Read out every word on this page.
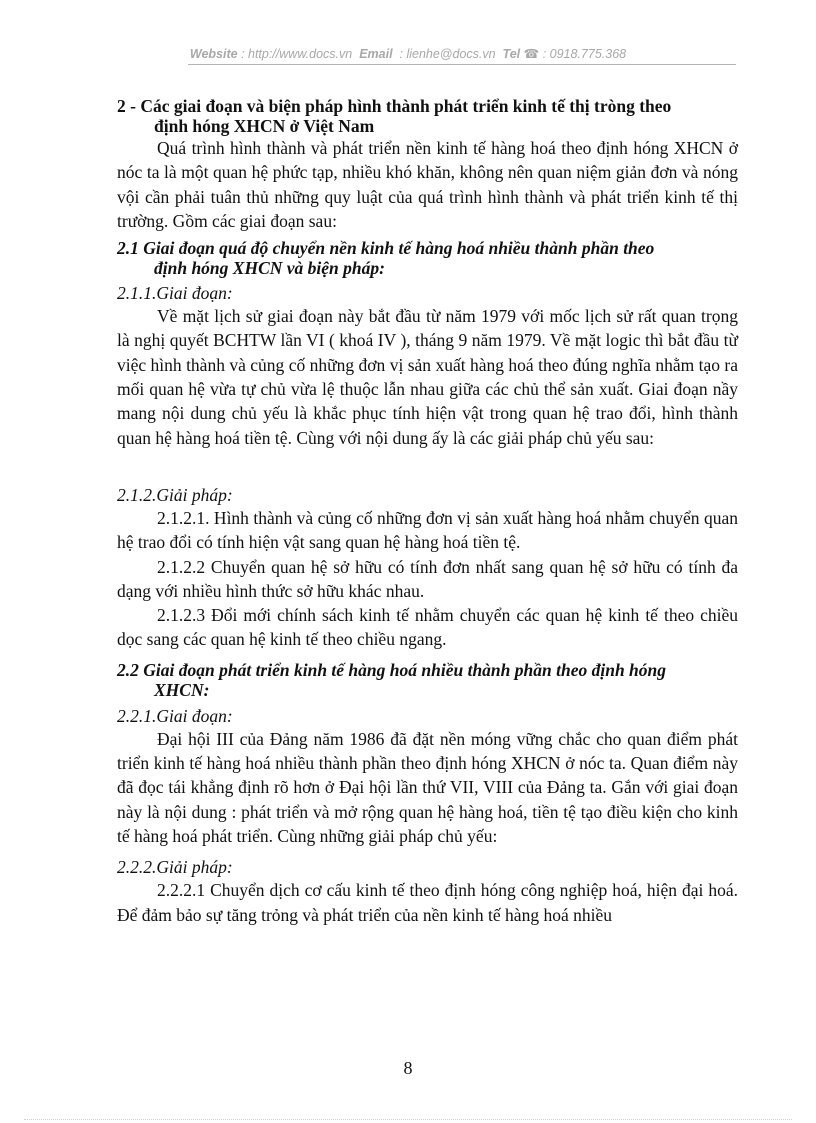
Website : http://www.docs.vn Email : lienhe@docs.vn Tel ☎ : 0918.775.368

2 - Các giai đoạn và biện pháp hình thành phát triển kinh tế thị tròng theo
định hóng XHCN ở Việt Nam

Quá trình hình thành và phát triển nền kinh tế hàng hoá theo định hóng XHCN ở nóc ta là một quan hệ phức tạp, nhiều khó khăn, không nên quan niệm giản đơn và nóng vội cần phải tuân thủ những quy luật của quá trình hình thành và phát triển kinh tế thị trường. Gồm các giai đoạn sau:

2.1 Giai đoạn quá độ chuyển nền kinh tế hàng hoá nhiều thành phần theo
định hóng XHCN và biện pháp:

2.1.1.Giai đoạn:

Về mặt lịch sử giai đoạn này bắt đầu từ năm 1979 với mốc lịch sử rất quan trọng là nghị quyết BCHTW lần VI ( khoá IV ), tháng 9 năm 1979. Về mặt logic thì bắt đầu từ việc hình thành và củng cố những đơn vị sản xuất hàng hoá theo đúng nghĩa nhằm tạo ra mối quan hệ vừa tự chủ vừa lệ thuộc lẫn nhau giữa các chủ thể sản xuất. Giai đoạn nầy mang nội dung chủ yếu là khắc phục tính hiện vật trong quan hệ trao đổi, hình thành quan hệ hàng hoá tiền tệ. Cùng với nội dung ấy là các giải pháp chủ yếu sau:

2.1.2.Giải pháp:

2.1.2.1. Hình thành và củng cố những đơn vị sản xuất hàng hoá nhằm chuyển quan hệ trao đổi có tính hiện vật sang quan hệ hàng hoá tiền tệ.

2.1.2.2 Chuyển quan hệ sở hữu có tính đơn nhất sang quan hệ sở hữu có tính đa dạng với nhiều hình thức sở hữu khác nhau.

2.1.2.3 Đổi mới chính sách kinh tế nhằm chuyển các quan hệ kinh tế theo chiều dọc sang các quan hệ kinh tế theo chiều ngang.

2.2 Giai đoạn phát triển kinh tế hàng hoá nhiều thành phần theo định hóng
XHCN:

2.2.1.Giai đoạn:

Đại hội III của Đảng năm 1986 đã đặt nền móng vững chắc cho quan điểm phát triển kinh tế hàng hoá nhiều thành phần theo định hóng XHCN ở nóc ta. Quan điểm này đã đọc tái khẳng định rõ hơn ở Đại hội lần thứ VII, VIII của Đảng ta. Gắn với giai đoạn này là nội dung : phát triển và mở rộng quan hệ hàng hoá, tiền tệ tạo điều kiện cho kinh tế hàng hoá phát triển. Cùng những giải pháp chủ yếu:

2.2.2.Giải pháp:

2.2.2.1 Chuyển dịch cơ cấu kinh tế theo định hóng công nghiệp hoá, hiện đại hoá. Để đảm bảo sự tăng trỏng và phát triển của nền kinh tế hàng hoá nhiều

8
